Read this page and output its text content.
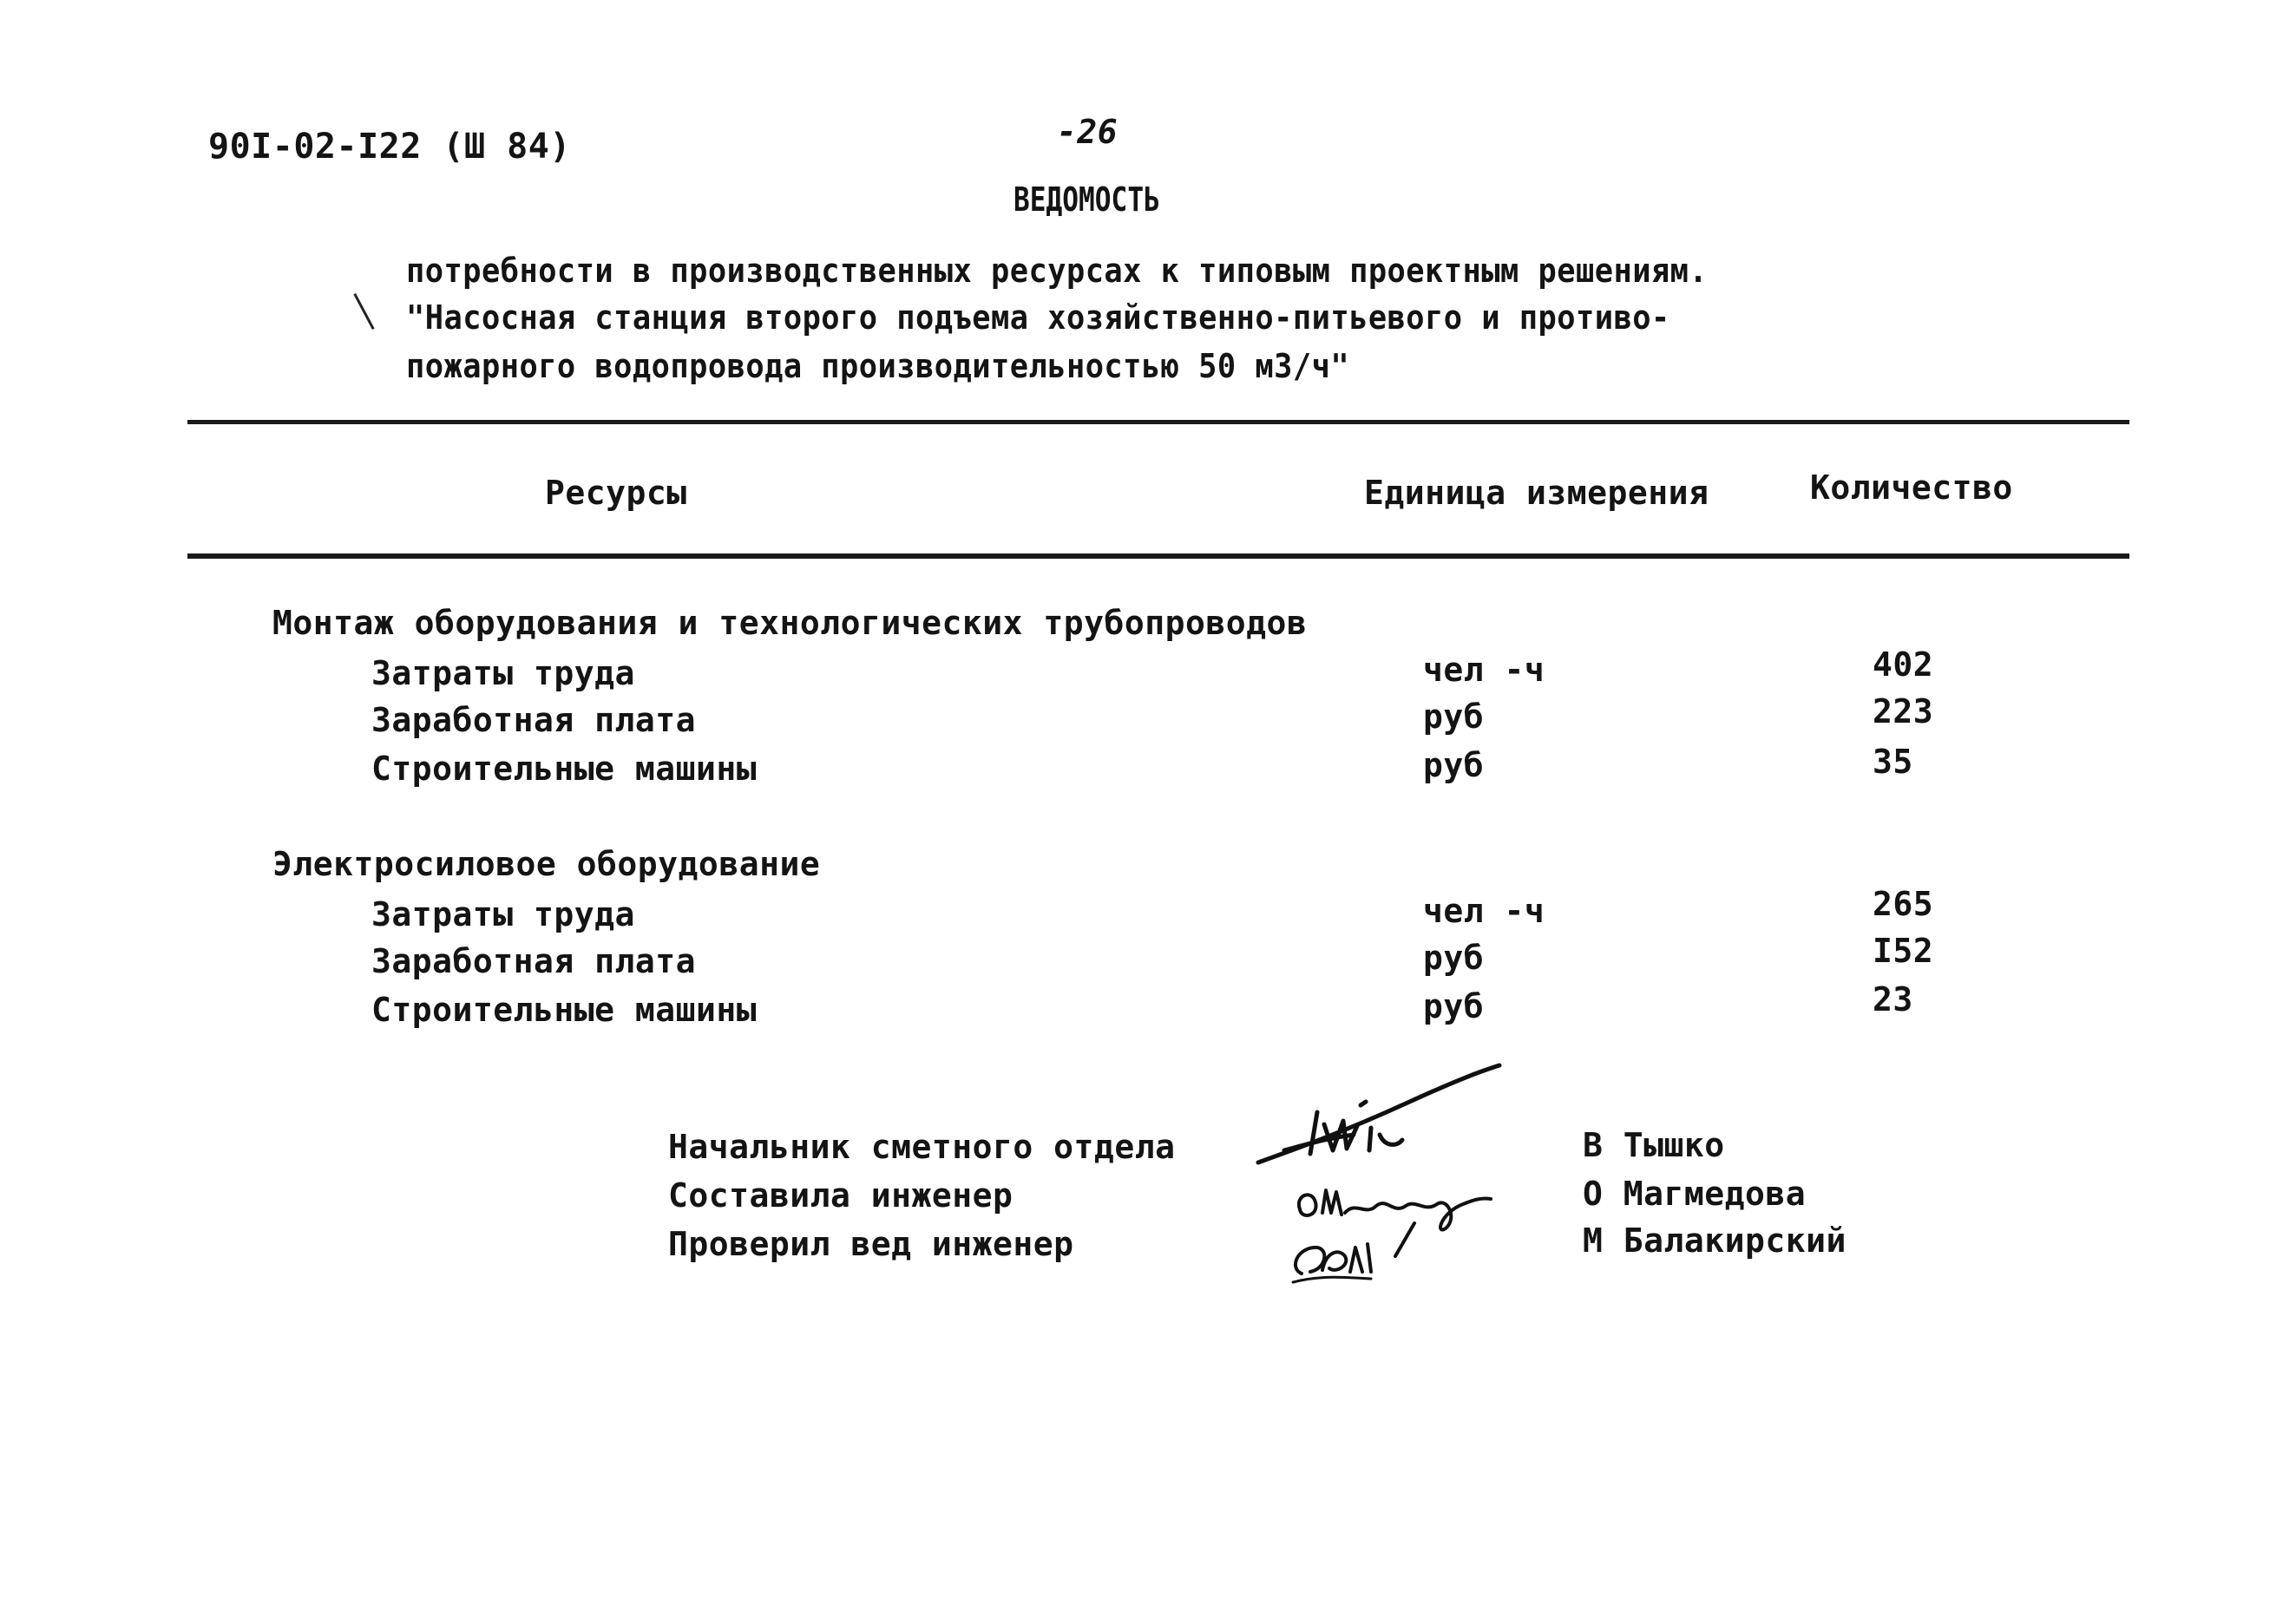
90I-02-I22 (Ш 84)	-26
ВЕДОМОСТЬ
потребности в производственных ресурсах к типовым проектным решениям.
"Насосная станция второго подъема хозяйственно-питьевого и противо-
пожарного водопровода производительностью 50 м3/ч"
Ресурсы	Единица измерения	Количество
Монтаж оборудования и технологических трубопроводов
Затраты труда	чел -ч	402
Заработная плата	руб	223
Строительные машины	руб	35
Электросиловое оборудование
Затраты труда	чел -ч	265
Заработная плата	руб	I52
Строительные машины	руб	23
Начальник сметного отдела
Составила инженер
Проверил вед инженер
В Тышко
О Магмедова
М Балакирский
